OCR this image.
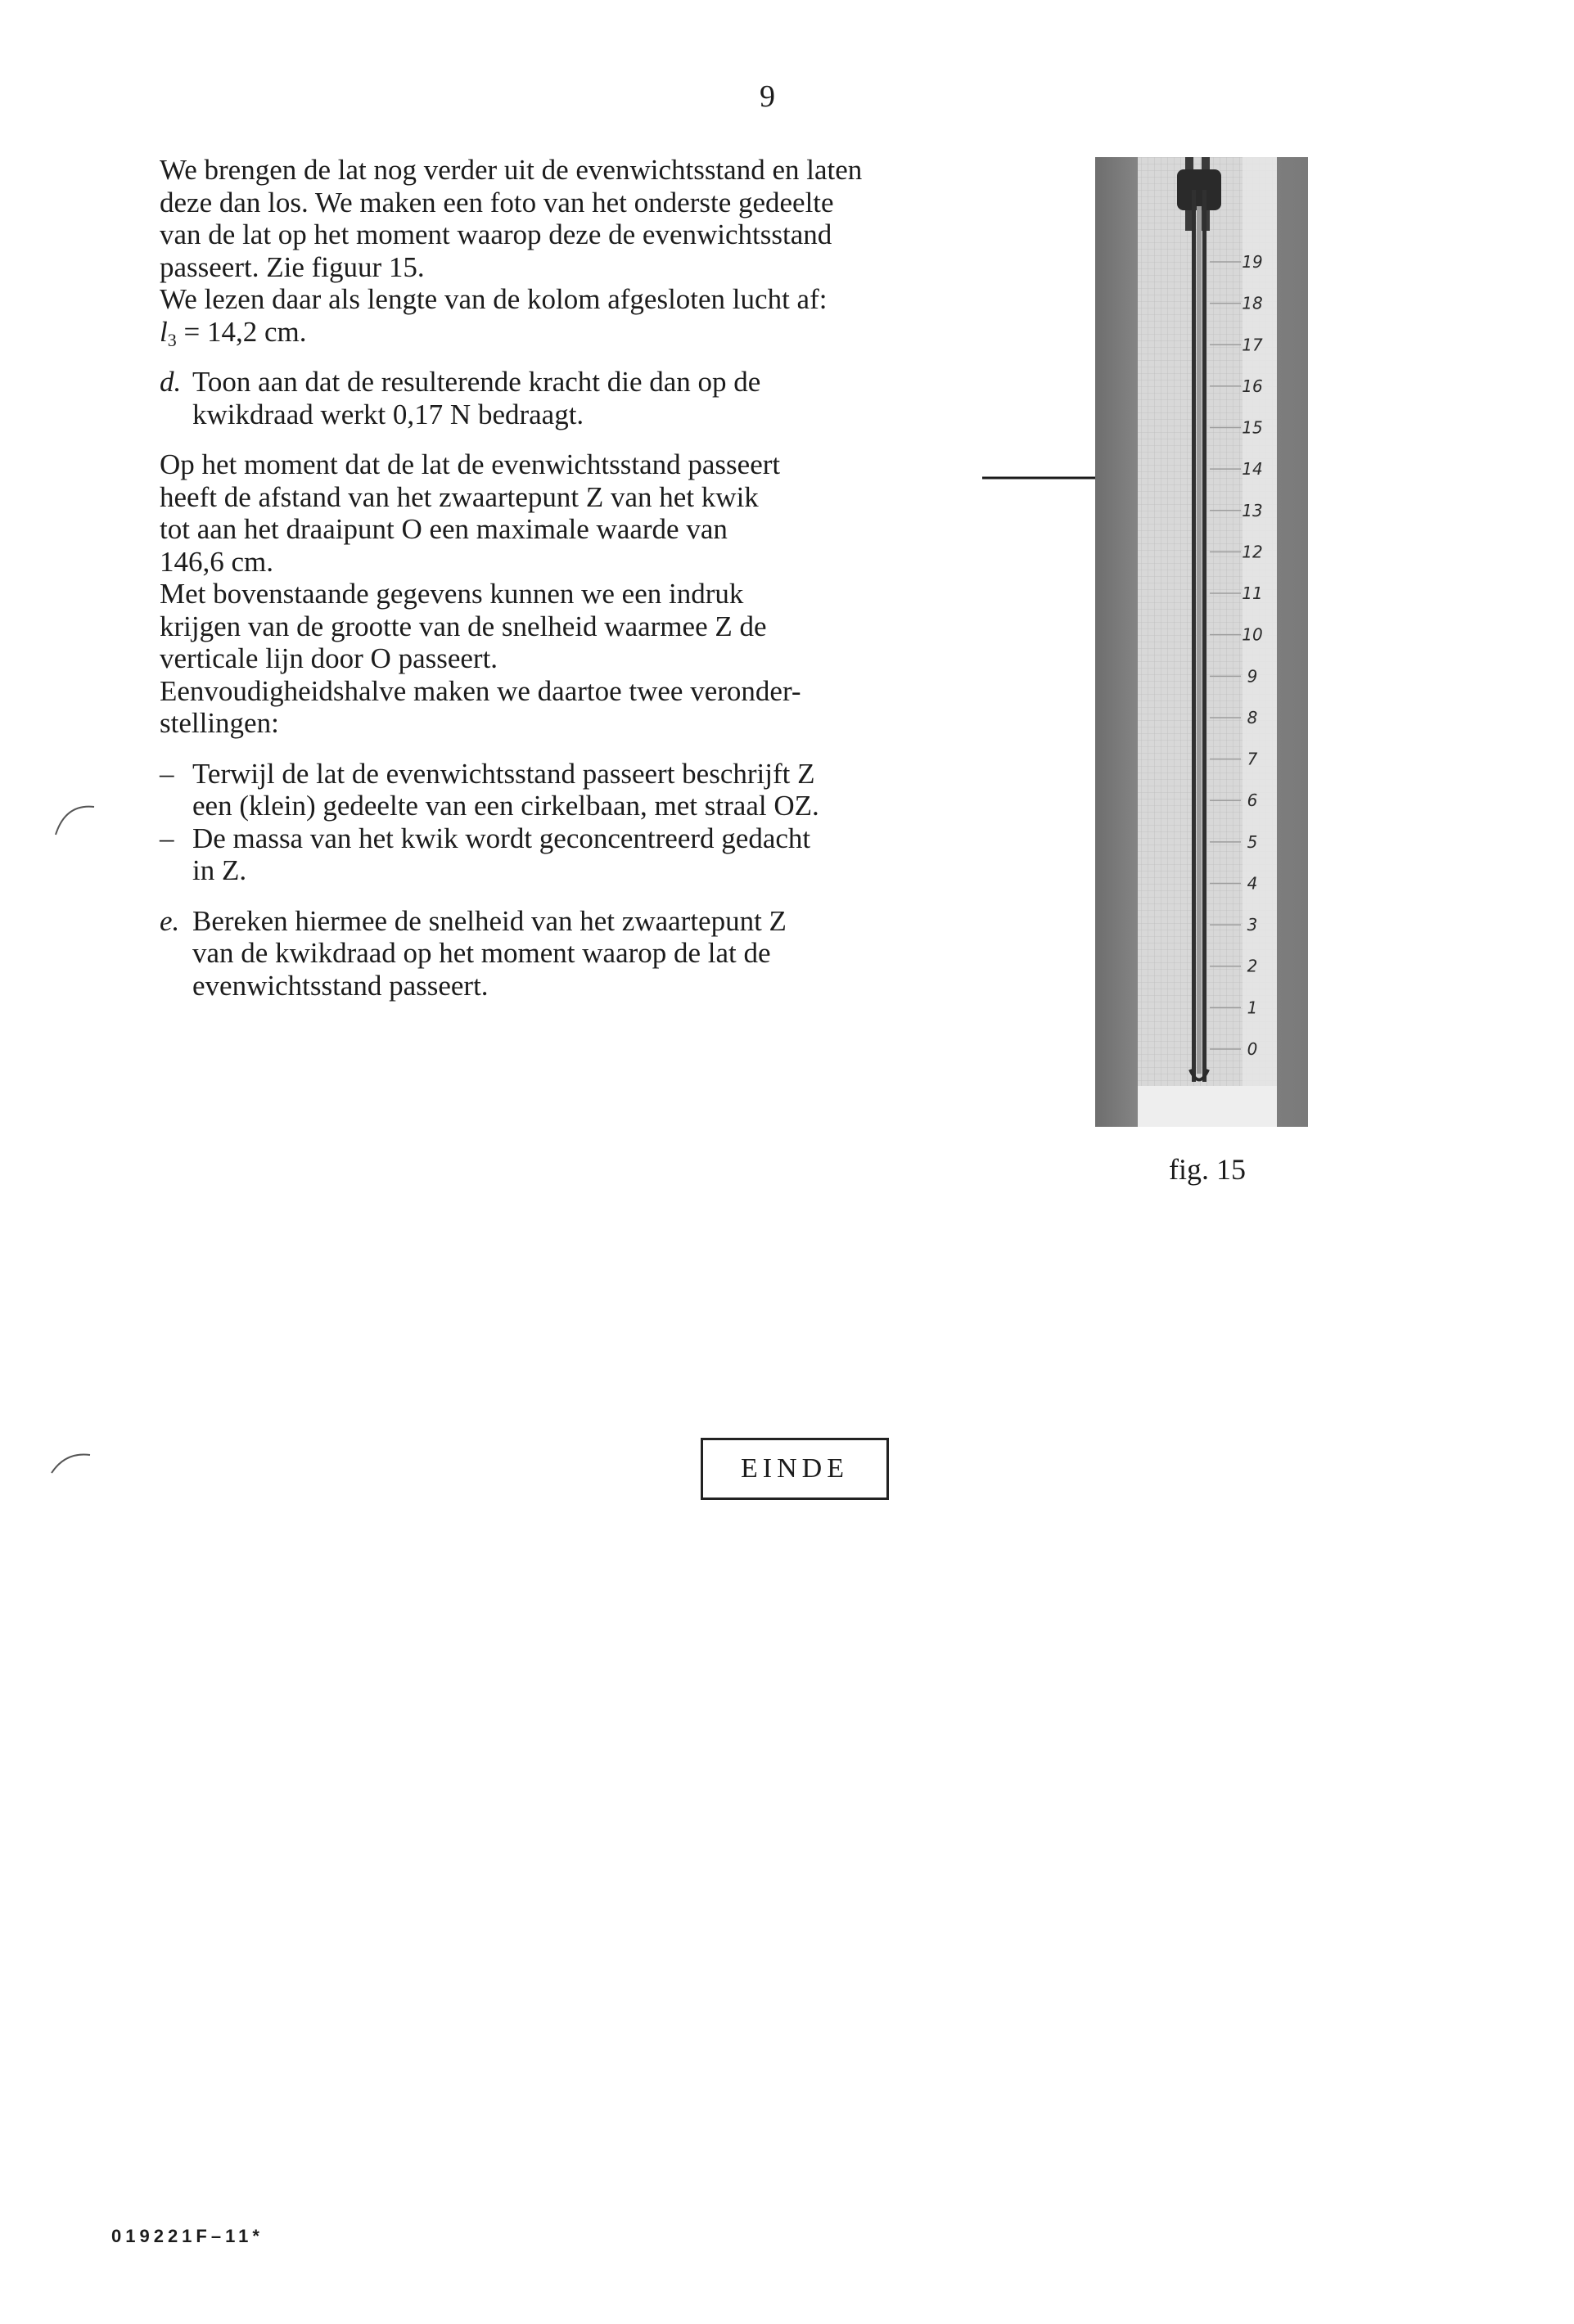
9

We brengen de lat nog verder uit de evenwichtsstand en laten

deze dan los. We maken een foto van het onderste gedeelte

van de lat op het moment waarop deze de evenwichtsstand

passeert. Zie figuur 15.

We lezen daar als lengte van de kolom afgesloten lucht af:

$l_3 = 14,2$ cm.

d. Toon aan dat de resulterende kracht die dan op de

kwikdraad werkt 0,17 N bedraagt.

Op het moment dat de lat de evenwichtsstand passeert

heeft de afstand van het zwaartepunt Z van het kwik

tot aan het draaipunt O een maximale waarde van

146,6 cm.

Met bovenstaande gegevens kunnen we een indruk

krijgen van de grootte van de snelheid waarmee Z de

verticale lijn door O passeert.

Eenvoudigheidshalve maken we daartoe twee veronder-

stellingen:

– Terwijl de lat de evenwichtsstand passeert beschrijft Z

een (klein) gedeelte van een cirkelbaan, met straal OZ.

– De massa van het kwik wordt geconcentreerd gedacht

in Z.

e. Bereken hiermee de snelheid van het zwaartepunt Z

van de kwikdraad op het moment waarop de lat de

evenwichtsstand passeert.

19
18
17
16
15
14
13
12
11
10
9
8
7
6
5
4
3
2
1
0
fig. 15
EINDE
019221F–11*
